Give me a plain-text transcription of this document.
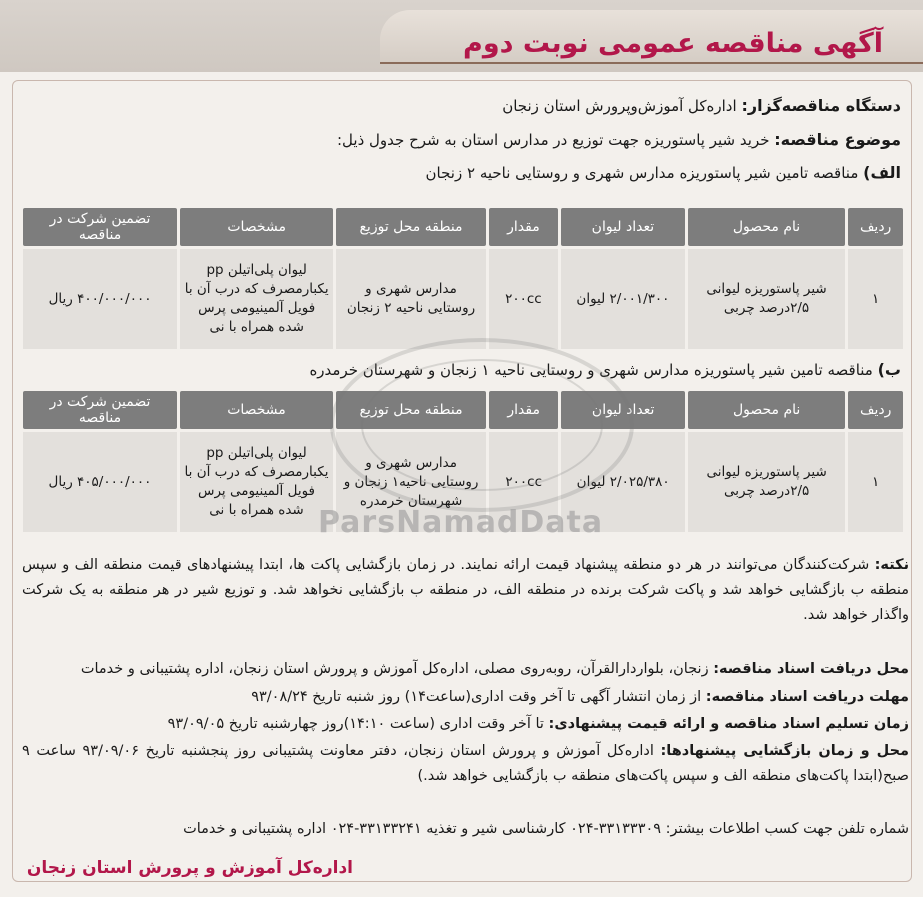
آگهی مناقصه عمومی نوبت دوم
دستگاه مناقصه‌گزار: اداره‌کل آموزش‌وپرورش استان زنجان
موضوع مناقصه: خرید شیر پاستوریزه جهت توزیع در مدارس استان به شرح جدول ذیل:
الف) مناقصه تامین شیر پاستوریزه مدارس شهری و روستایی ناحیه ۲ زنجان
ردیف	نام محصول	تعداد لیوان	مقدار	منطقه محل توزیع	مشخصات	تضمین شرکت در مناقصه
۱	شیر پاستوریزه لیوانی ۲/۵درصد چربی	۲/۰۰۱/۳۰۰ لیوان	۲۰۰cc	مدارس شهری و روستایی ناحیه ۲ زنجان	لیوان پلی‌اتیلن pp یکبارمصرف که درب آن با فویل آلمینیومی پرس شده همراه با نی	۴۰۰/۰۰۰/۰۰۰ ریال
ب) مناقصه تامین شیر پاستوریزه مدارس شهری و روستایی ناحیه ۱ زنجان و شهرستان خرمدره
ردیف	نام محصول	تعداد لیوان	مقدار	منطقه محل توزیع	مشخصات	تضمین شرکت در مناقصه
۱	شیر پاستوریزه لیوانی ۲/۵درصد چربی	۲/۰۲۵/۳۸۰ لیوان	۲۰۰cc	مدارس شهری و روستایی ناحیه۱ زنجان و شهرستان خرمدره	لیوان پلی‌اتیلن pp یکبارمصرف که درب آن با فویل آلمینیومی پرس شده همراه با نی	۴۰۵/۰۰۰/۰۰۰ ریال
ParsNamadData
نکته: شرکت‌کنندگان می‌توانند در هر دو منطقه پیشنهاد قیمت ارائه نمایند. در زمان بازگشایی پاکت ها، ابتدا پیشنهادهای قیمت منطقه الف و سپس منطقه ب بازگشایی خواهد شد و پاکت شرکت برنده در منطقه الف، در منطقه ب بازگشایی نخواهد شد. و توزیع شیر در هر منطقه به یک شرکت واگذار خواهد شد.
محل دریافت اسناد مناقصه: زنجان، بلواردارالقرآن، روبه‌روی مصلی، اداره‌کل آموزش و پرورش استان زنجان، اداره پشتیبانی و خدمات
مهلت دریافت اسناد مناقصه: از زمان انتشار آگهی تا آخر وقت اداری(ساعت۱۴) روز شنبه تاریخ ۹۳/۰۸/۲۴
زمان تسلیم اسناد مناقصه و ارائه قیمت پیشنهادی: تا آخر وقت اداری (ساعت ۱۴:۱۰)روز چهارشنبه تاریخ ۹۳/۰۹/۰۵
محل و زمان بازگشایی پیشنهادها: اداره‌کل آموزش و پرورش استان زنجان، دفتر معاونت پشتیبانی روز پنجشنبه تاریخ ۹۳/۰۹/۰۶ ساعت ۹ صبح(ابتدا پاکت‌های منطقه الف و سپس پاکت‌های منطقه ب بازگشایی خواهد شد.)
شماره تلفن جهت کسب اطلاعات بیشتر: ۳۳۱۳۳۳۰۹-۰۲۴ کارشناسی شیر و تغذیه ۳۳۱۳۳۲۴۱-۰۲۴ اداره پشتیبانی و خدمات
اداره‌کل آموزش و پرورش استان زنجان
